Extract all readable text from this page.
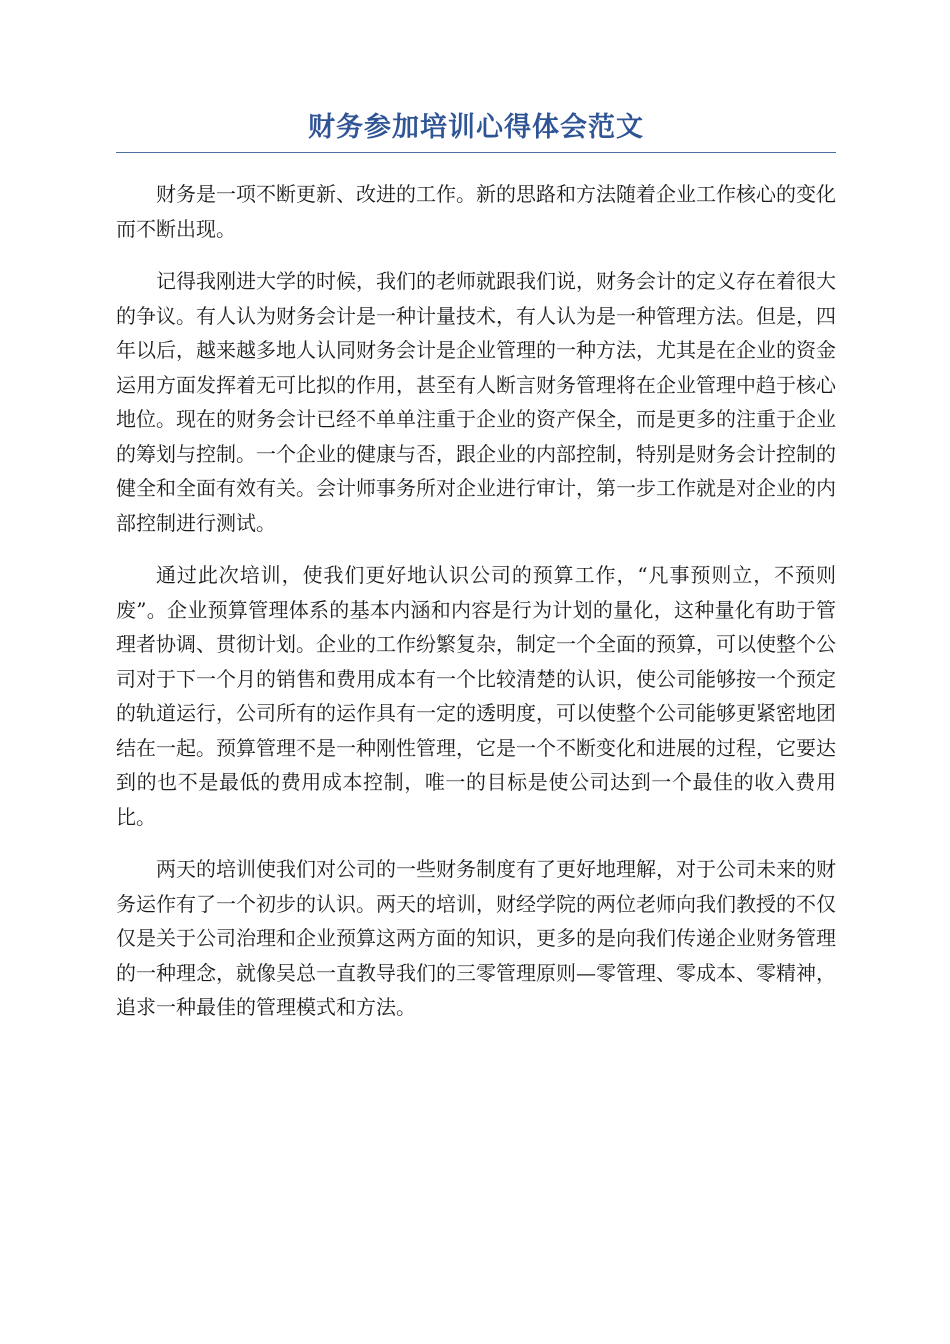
财务参加培训心得体会范文

财务是一项不断更新、改进的工作。新的思路和方法随着企业工作核心的变化而不断出现。

记得我刚进大学的时候，我们的老师就跟我们说，财务会计的定义存在着很大的争议。有人认为财务会计是一种计量技术，有人认为是一种管理方法。但是，四年以后，越来越多地人认同财务会计是企业管理的一种方法，尤其是在企业的资金运用方面发挥着无可比拟的作用，甚至有人断言财务管理将在企业管理中趋于核心地位。现在的财务会计已经不单单注重于企业的资产保全，而是更多的注重于企业的筹划与控制。一个企业的健康与否，跟企业的内部控制，特别是财务会计控制的健全和全面有效有关。会计师事务所对企业进行审计，第一步工作就是对企业的内部控制进行测试。

通过此次培训，使我们更好地认识公司的预算工作，“凡事预则立，不预则废”。企业预算管理体系的基本内涵和内容是行为计划的量化，这种量化有助于管理者协调、贯彻计划。企业的工作纷繁复杂，制定一个全面的预算，可以使整个公司对于下一个月的销售和费用成本有一个比较清楚的认识，使公司能够按一个预定的轨道运行，公司所有的运作具有一定的透明度，可以使整个公司能够更紧密地团结在一起。预算管理不是一种刚性管理，它是一个不断变化和进展的过程，它要达到的也不是最低的费用成本控制，唯一的目标是使公司达到一个最佳的收入费用比。

两天的培训使我们对公司的一些财务制度有了更好地理解，对于公司未来的财务运作有了一个初步的认识。两天的培训，财经学院的两位老师向我们教授的不仅仅是关于公司治理和企业预算这两方面的知识，更多的是向我们传递企业财务管理的一种理念，就像吴总一直教导我们的三零管理原则—零管理、零成本、零精神，追求一种最佳的管理模式和方法。
